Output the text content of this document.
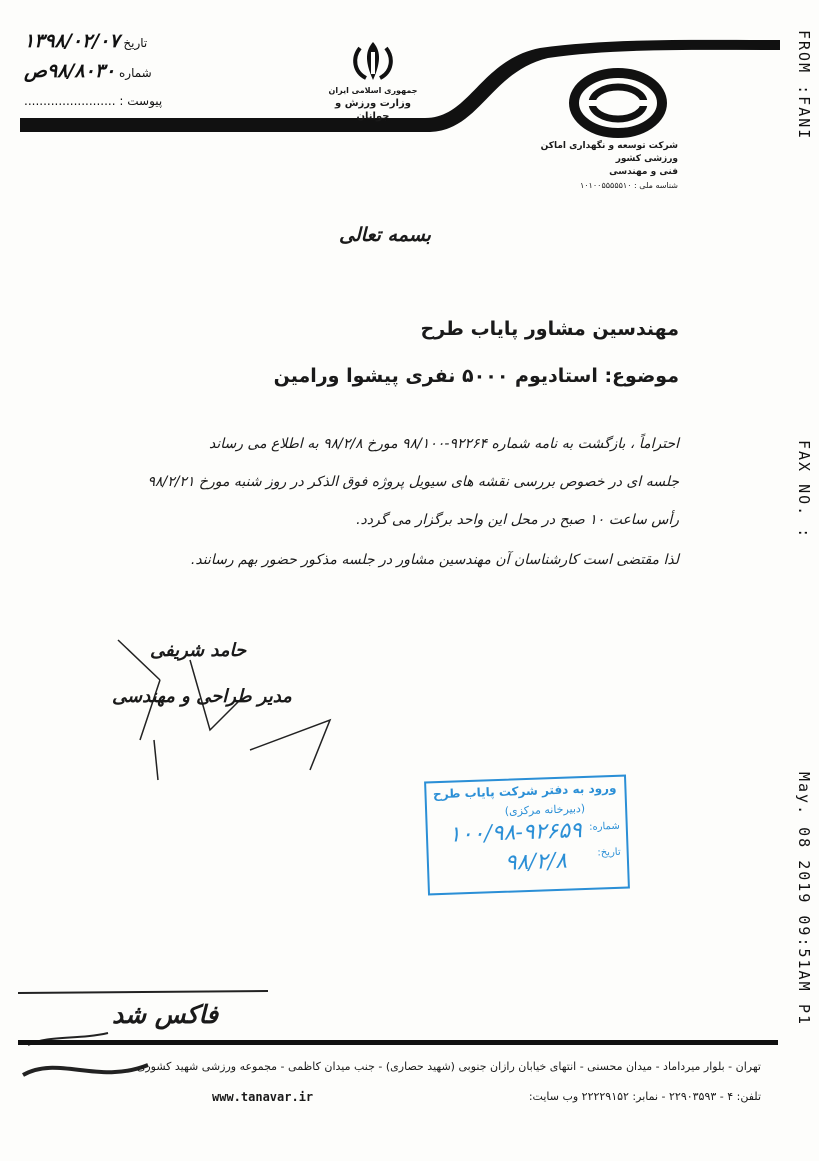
جمهوری اسلامی ایران
وزارت ورزش و جوانان
شرکت توسعه و نگهداری اماکن ورزشی کشور
فنی و مهندسی
شناسه ملی : ۱۰۱۰۰۵۵۵۵۵۱۰
تاریخ ۱۳۹۸/۰۲/۰۷
شماره ۹۸/۸۰۳۰ص
پیوست : ........................	FROM :FANI
FAX NO. :
May. 08 2019 09:51AM
P1
بسمه تعالی
مهندسین مشاور پایاب طرح
موضوع: استادیوم ۵۰۰۰ نفری پیشوا ورامین
احتراماً ، بازگشت به نامه شماره ۹۲۲۶۴-۹۸/۱۰۰ مورخ ۹۸/۲/۸ به اطلاع می رساند
جلسه ای در خصوص بررسی نقشه های سیویل پروژه فوق الذکر در روز شنبه مورخ ۹۸/۲/۲۱
رأس ساعت ۱۰ صبح در محل این واحد برگزار می گردد.
لذا مقتضی است کارشناسان آن مهندسین مشاور در جلسه مذکور حضور بهم رسانند.
حامد شریفی
مدیر طراحی و مهندسی
ورود به دفتر شرکت پایاب طرح
(دبیرخانه مرکزی)
شماره:
۱۰۰/۹۸-۹۲۶۵۹
تاریخ:
۹۸/۲/۸
فاکس شد
تهران - بلوار میرداماد - میدان محسنی - انتهای خیابان رازان جنوبی (شهید حصاری) - جنب میدان کاظمی - مجموعه ورزشی شهید کشوری
تلفن: ۴ - ۲۲۹۰۳۵۹۳ - نمابر: ۲۲۲۲۹۱۵۲ وب سایت:
www.tanavar.ir
